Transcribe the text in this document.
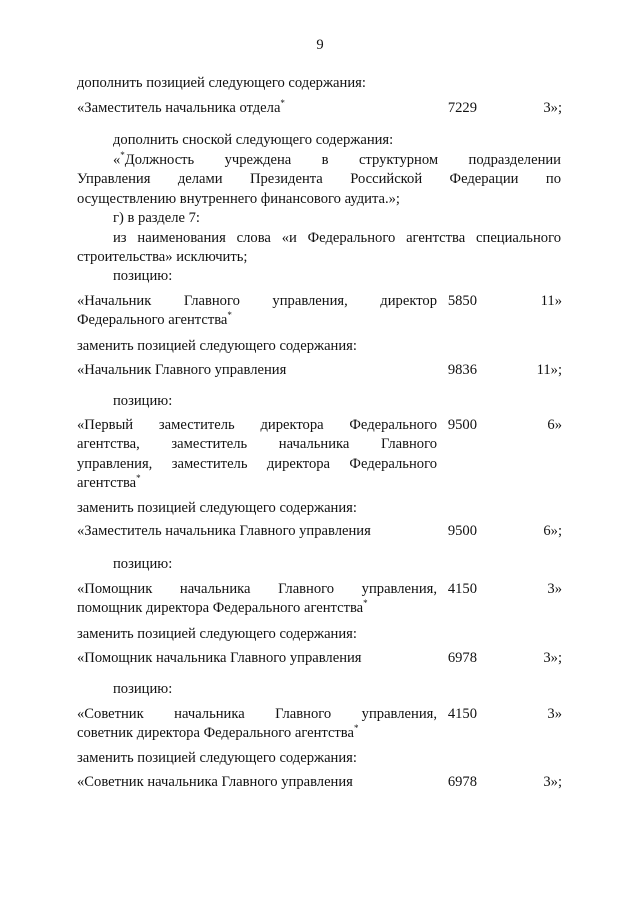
9
дополнить позицией следующего содержания:
«Заместитель начальника отдела*	7229	3»;
дополнить сноской следующего содержания:
«*Должность учреждена в структурном подразделении
Управления делами Президента Российской Федерации по
осуществлению внутреннего финансового аудита.»;
г) в разделе 7:
из наименования слова «и Федерального агентства специального
строительства» исключить;
позицию:
«Начальник Главного управления, директор
Федерального агентства*
5850	11»
заменить позицией следующего содержания:
«Начальник Главного управления	9836	11»;
позицию:
«Первый заместитель директора Федерального
агентства, заместитель начальника Главного
управления, заместитель директора Федерального
агентства*
9500	6»
заменить позицией следующего содержания:
«Заместитель начальника Главного управления	9500	6»;
позицию:
«Помощник начальника Главного управления,
помощник директора Федерального агентства*
4150	3»
заменить позицией следующего содержания:
«Помощник начальника Главного управления	6978	3»;
позицию:
«Советник начальника Главного управления,
советник директора Федерального агентства*
4150	3»
заменить позицией следующего содержания:
«Советник начальника Главного управления	6978	3»;
